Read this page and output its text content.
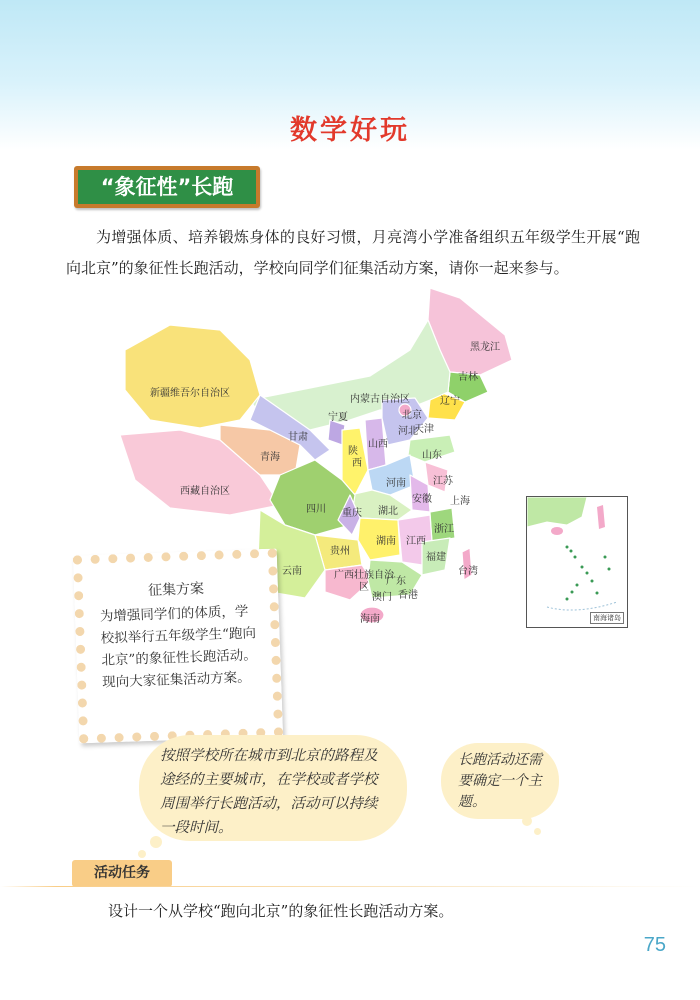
数学好玩
“象征性”长跑
为增强体质、培养锻炼身体的良好习惯，月亮湾小学准备组织五年级学生开展“跑向北京”的象征性长跑活动，学校向同学们征集活动方案，请你一起来参与。
黑龙江
吉林
辽宁
内蒙古自治区
北京
天津
河北
山西
山东
新疆维吾尔自治区
甘肃
宁夏
陕
西
河南	江苏
安徽
湖北
浙江
四川 重庆
青海
西藏自治区
湖南 江西
福建
贵州
云南	广西壮族自治区
广东
台湾
澳门 香港
海南
上海
南海诸岛
征集方案
为增强同学们的体质，学校拟举行五年级学生“跑向北京”的象征性长跑活动。现向大家征集活动方案。
按照学校所在城市到北京的路程及途经的主要城市，在学校或者学校周围举行长跑活动，活动可以持续一段时间。
长跑活动还需要确定一个主题。
活动任务
设计一个从学校“跑向北京”的象征性长跑活动方案。
75
